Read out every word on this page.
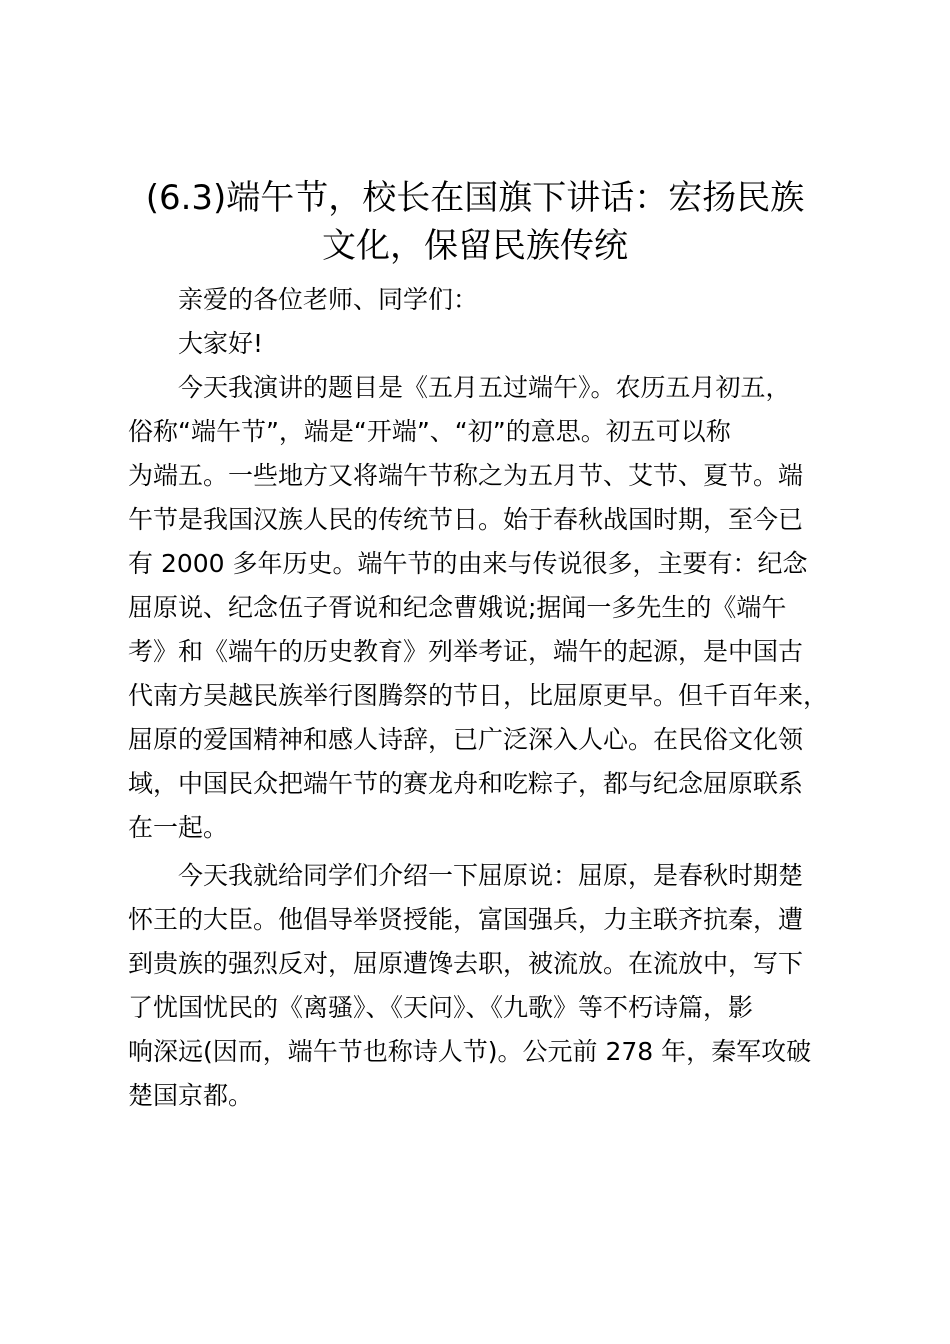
(6.3)端午节，校长在国旗下讲话：宏扬民族
文化，保留民族传统
亲爱的各位老师、同学们：
大家好!
今天我演讲的题目是《五月五过端午》。农历五月初五，
俗称“端午节”，端是“开端”、“初”的意思。初五可以称
为端五。一些地方又将端午节称之为五月节、艾节、夏节。端
午节是我国汉族人民的传统节日。始于春秋战国时期，至今已
有 2000 多年历史。端午节的由来与传说很多，主要有：纪念
屈原说、纪念伍子胥说和纪念曹娥说;据闻一多先生的《端午
考》和《端午的历史教育》列举考证，端午的起源，是中国古
代南方吴越民族举行图腾祭的节日，比屈原更早。但千百年来，
屈原的爱国精神和感人诗辞，已广泛深入人心。在民俗文化领
域，中国民众把端午节的赛龙舟和吃粽子，都与纪念屈原联系
在一起。
今天我就给同学们介绍一下屈原说：屈原，是春秋时期楚
怀王的大臣。他倡导举贤授能，富国强兵，力主联齐抗秦，遭
到贵族的强烈反对，屈原遭馋去职，被流放。在流放中，写下
了忧国忧民的《离骚》、《天问》、《九歌》等不朽诗篇，影
响深远(因而，端午节也称诗人节)。公元前 278 年，秦军攻破
楚国京都。
